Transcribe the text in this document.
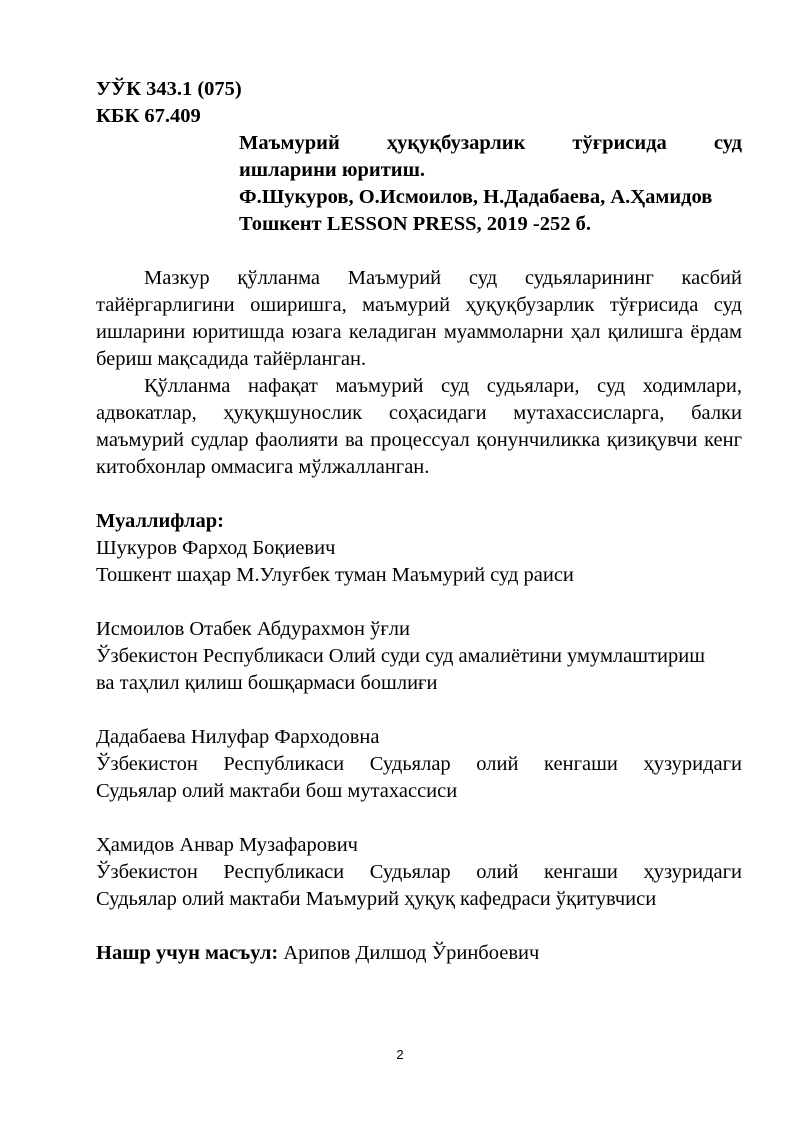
УЎК 343.1 (075)
КБК 67.409
Маъмурий ҳуқуқбузарлик тўғрисида суд
ишларини юритиш.
Ф.Шукуров, О.Исмоилов, Н.Дадабаева, А.Ҳамидов
Тошкент LESSON PRESS, 2019 -252 б.

Мазкур қўлланма Маъмурий суд судьяларининг касбий тайёргарлигини оширишга, маъмурий ҳуқуқбузарлик тўғрисида суд ишларини юритишда юзага келадиган муаммоларни ҳал қилишга ёрдам бериш мақсадида тайёрланган.

Қўлланма нафақат маъмурий суд судьялари, суд ходимлари, адвокатлар, ҳуқуқшунослик соҳасидаги мутахассисларга, балки маъмурий судлар фаолияти ва процессуал қонунчиликка қизиқувчи кенг китобхонлар оммасига мўлжалланган.

Муаллифлар:
Шукуров Фарход Боқиевич
Тошкент шаҳар М.Улуғбек туман Маъмурий суд раиси
Исмоилов Отабек Абдурахмон ўғли
Ўзбекистон Республикаси Олий суди суд амалиётини умумлаштириш
ва таҳлил қилиш бошқармаси бошлиғи
Дадабаева Нилуфар Фарходовна
Ўзбекистон Республикаси Судьялар олий кенгаши ҳузуридаги
Судьялар олий мактаби бош мутахассиси
Ҳамидов Анвар Музафарович
Ўзбекистон Республикаси Судьялар олий кенгаши ҳузуридаги
Судьялар олий мактаби Маъмурий ҳуқуқ кафедраси ўқитувчиси
Нашр учун масъул: Арипов Дилшод Ўринбоевич
2
